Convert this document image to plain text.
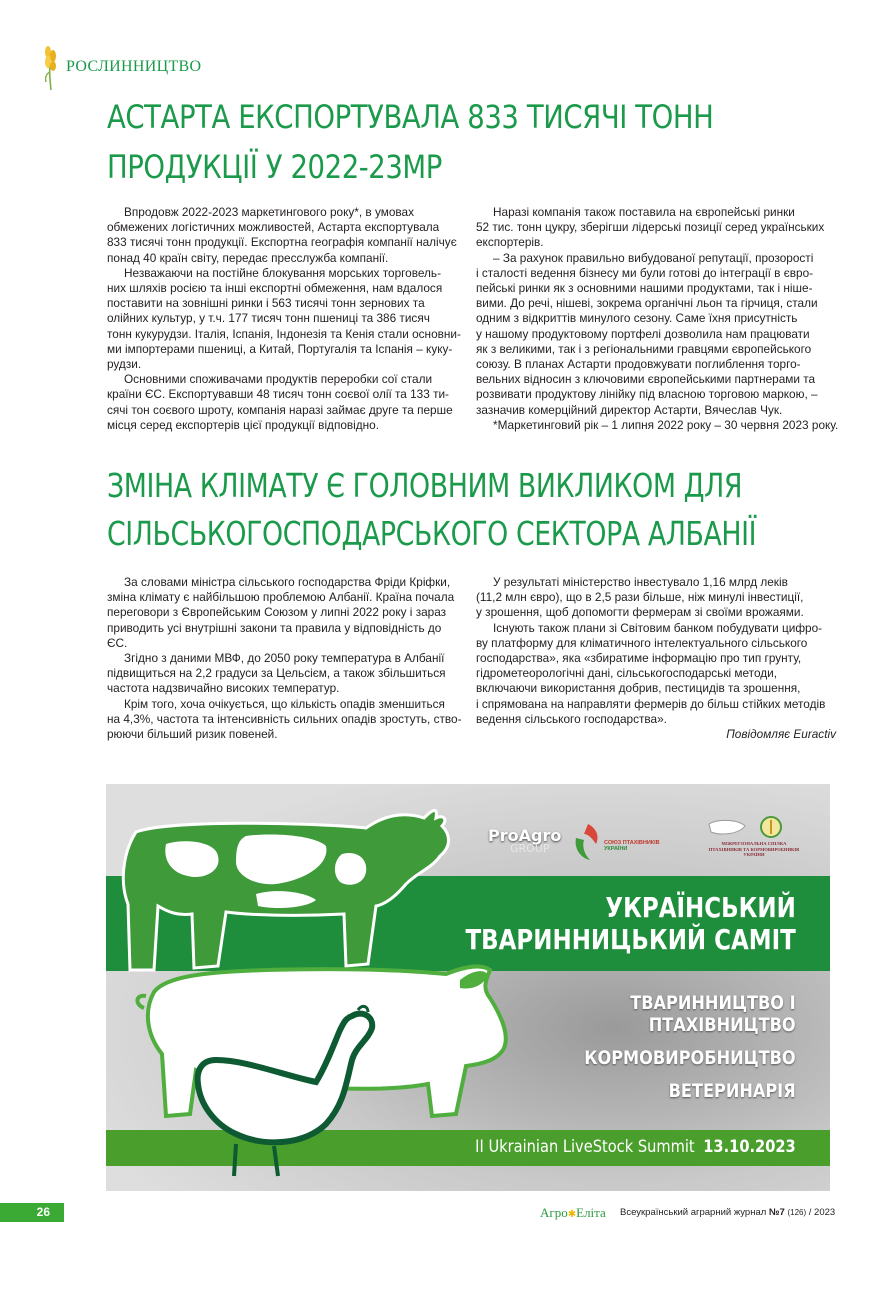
РОСЛИННИЦТВО
АСТАРТА ЕКСПОРТУВАЛА 833 ТИСЯЧІ ТОНН
ПРОДУКЦІЇ У 2022-23МР
Впродовж 2022-2023 маркетингового року*, в умовах
обмежених логістичних можливостей, Астарта експортувала
833 тисячі тонн продукції. Експортна географія компанії налічує
понад 40 країн світу, передає пресслужба компанії.
Незважаючи на постійне блокування морських торговель-
них шляхів росією та інші експортні обмеження, нам вдалося
поставити на зовнішні ринки і 563 тисячі тонн зернових та
олійних культур, у т.ч. 177 тисяч тонн пшениці та 386 тисяч
тонн кукурудзи. Італія, Іспанія, Індонезія та Кенія стали основни-
ми імпортерами пшениці, а Китай, Португалія та Іспанія – куку-
рудзи.
Основними споживачами продуктів переробки сої стали
країни ЄС. Експортувавши 48 тисяч тонн соєвої олії та 133 ти-
сячі тон соєвого шроту, компанія наразі займає друге та перше
місця серед експортерів цієї продукції відповідно.
Наразі компанія також поставила на європейські ринки
52 тис. тонн цукру, зберігши лідерські позиції серед українських
експортерів.
– За рахунок правильно вибудованої репутації, прозорості
і сталості ведення бізнесу ми були готові до інтеграції в євро-
пейські ринки як з основними нашими продуктами, так і ніше-
вими. До речі, нішеві, зокрема органічні льон та гірчиця, стали
одним з відкриттів минулого сезону. Саме їхня присутність
у нашому продуктовому портфелі дозволила нам працювати
як з великими, так і з регіональними гравцями європейського
союзу. В планах Астарти продовжувати поглиблення торго-
вельних відносин з ключовими європейськими партнерами та
розвивати продуктову лінійку під власною торговою маркою, –
зазначив комерційний директор Астарти, Вячеслав Чук.
*Маркетинговий рік – 1 липня 2022 року – 30 червня 2023 року.
ЗМІНА КЛІМАТУ Є ГОЛОВНИМ ВИКЛИКОМ ДЛЯ
СІЛЬСЬКОГОСПОДАРСЬКОГО СЕКТОРА АЛБАНІЇ
За словами міністра сільського господарства Фріди Кріфки,
зміна клімату є найбільшою проблемою Албанії. Країна почала
переговори з Європейським Союзом у липні 2022 року і зараз
приводить усі внутрішні закони та правила у відповідність до
ЄС.
Згідно з даними МВФ, до 2050 року температура в Албанії
підвищиться на 2,2 градуси за Цельсієм, а також збільшиться
частота надзвичайно високих температур.
Крім того, хоча очікується, що кількість опадів зменшиться
на 4,3%, частота та інтенсивність сильних опадів зростуть, ство-
рюючи більший ризик повеней.
У результаті міністерство інвестувало 1,16 млрд леків
(11,2 млн євро), що в 2,5 рази більше, ніж минулі інвестиції,
у зрошення, щоб допомогти фермерам зі своїми врожаями.
Існують також плани зі Світовим банком побудувати цифро-
ву платформу для кліматичного інтелектуального сільського
господарства», яка «збиратиме інформацію про тип грунту,
гідрометеорологічні дані, сільськогосподарські методи,
включаючи використання добрив, пестицидів та зрошення,
і спрямована на направляти фермерів до більш стійких методів
ведення сільського господарства».
Повідомляє Euractiv
ProAgro
GROUP	СОЮЗ ПТАХІВНИКІВ
УКРАЇНИ
МІЖРЕГІОНАЛЬНА СПІЛКА
ПТАХІВНИКІВ ТА КОРМОВИРОБНИКІВ
УКРАЇНИ
УКРАЇНСЬКИЙ
ТВАРИННИЦЬКИЙ САМІТ
ТВАРИННИЦТВО І
ПТАХІВНИЦТВО
КОРМОВИРОБНИЦТВО
ВЕТЕРИНАРІЯ
II Ukrainian LiveStock Summit 13.10.2023
26	Агро✱Еліта Всеукраїнський аграрний журнал №7 (126) / 2023
